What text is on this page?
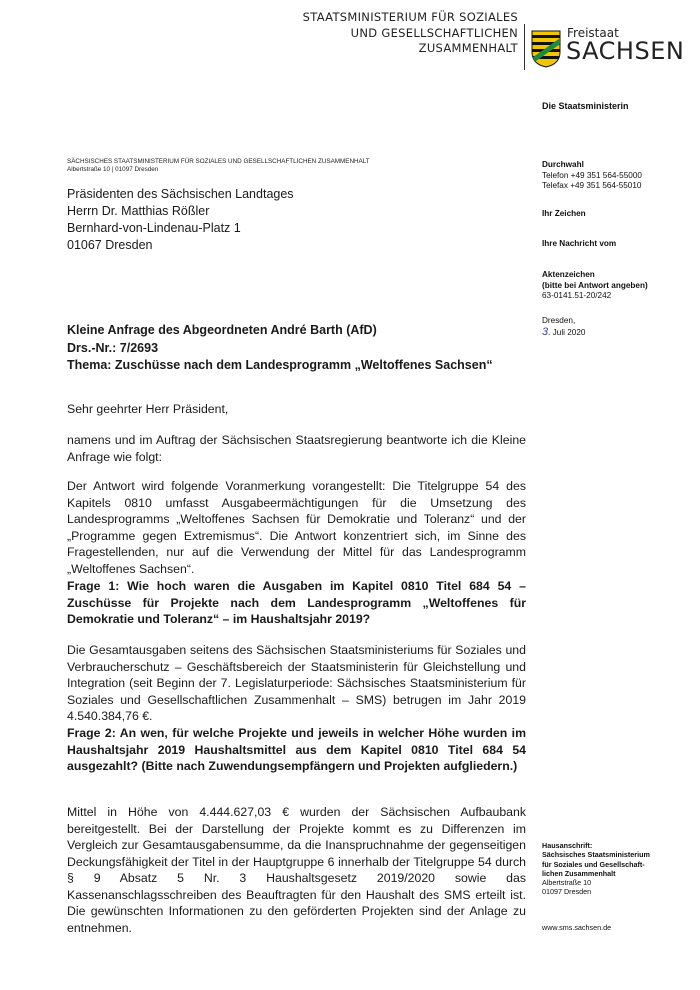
STAATSMINISTERIUM FÜR SOZIALES
UND GESELLSCHAFTLICHEN
ZUSAMMENHALT
Freistaat
SACHSEN
Die Staatsministerin
Durchwahl
Telefon +49 351 564-55000
Telefax +49 351 564-55010
Ihr Zeichen
Ihre Nachricht vom
Aktenzeichen
(bitte bei Antwort angeben)
63-0141.51-20/242
Dresden,
3. Juli 2020
Hausanschrift:
Sächsisches Staatsministerium
für Soziales und Gesellschaft-
lichen Zusammenhalt
Albertstraße 10
01097 Dresden
www.sms.sachsen.de
SÄCHSISCHES STAATSMINISTERIUM FÜR SOZIALES UND GESELLSCHAFTLICHEN ZUSAMMENHALT
Albertstraße 10 | 01097 Dresden
Präsidenten des Sächsischen Landtages
Herrn Dr. Matthias Rößler
Bernhard-von-Lindenau-Platz 1
01067 Dresden
Kleine Anfrage des Abgeordneten André Barth (AfD)
Drs.-Nr.: 7/2693
Thema: Zuschüsse nach dem Landesprogramm „Weltoffenes Sachsen“
Sehr geehrter Herr Präsident,
namens und im Auftrag der Sächsischen Staatsregierung beantworte ich die Kleine Anfrage wie folgt:
Der Antwort wird folgende Voranmerkung vorangestellt: Die Titelgruppe 54 des Kapitels 0810 umfasst Ausgabeermächtigungen für die Umsetzung des Landesprogramms „Weltoffenes Sachsen für Demokratie und Toleranz“ und der „Programme gegen Extremismus“. Die Antwort konzentriert sich, im Sinne des Fragestellenden, nur auf die Verwendung der Mittel für das Landesprogramm „Weltoffenes Sachsen“.
Frage 1: Wie hoch waren die Ausgaben im Kapitel 0810 Titel 684 54 – Zuschüsse für Projekte nach dem Landesprogramm „Weltoffenes für Demokratie und Toleranz“ – im Haushaltsjahr 2019?
Die Gesamtausgaben seitens des Sächsischen Staatsministeriums für Soziales und Verbraucherschutz – Geschäftsbereich der Staatsministerin für Gleichstellung und Integration (seit Beginn der 7. Legislaturperiode: Sächsisches Staatsministerium für Soziales und Gesellschaftlichen Zusammenhalt – SMS) betrugen im Jahr 2019 4.540.384,76 €.
Frage 2: An wen, für welche Projekte und jeweils in welcher Höhe wurden im Haushaltsjahr 2019 Haushaltsmittel aus dem Kapitel 0810 Titel 684 54 ausgezahlt? (Bitte nach Zuwendungsempfängern und Projekten aufgliedern.)
Mittel in Höhe von 4.444.627,03 € wurden der Sächsischen Aufbaubank bereitgestellt. Bei der Darstellung der Projekte kommt es zu Differenzen im Vergleich zur Gesamtausgabensumme, da die Inanspruchnahme der gegenseitigen Deckungsfähigkeit der Titel in der Hauptgruppe 6 innerhalb der Titelgruppe 54 durch § 9 Absatz 5 Nr. 3 Haushaltsgesetz 2019/2020 sowie das Kassenanschlagsschreiben des Beauftragten für den Haushalt des SMS erteilt ist. Die gewünschten Informationen zu den geförderten Projekten sind der Anlage zu entnehmen.
